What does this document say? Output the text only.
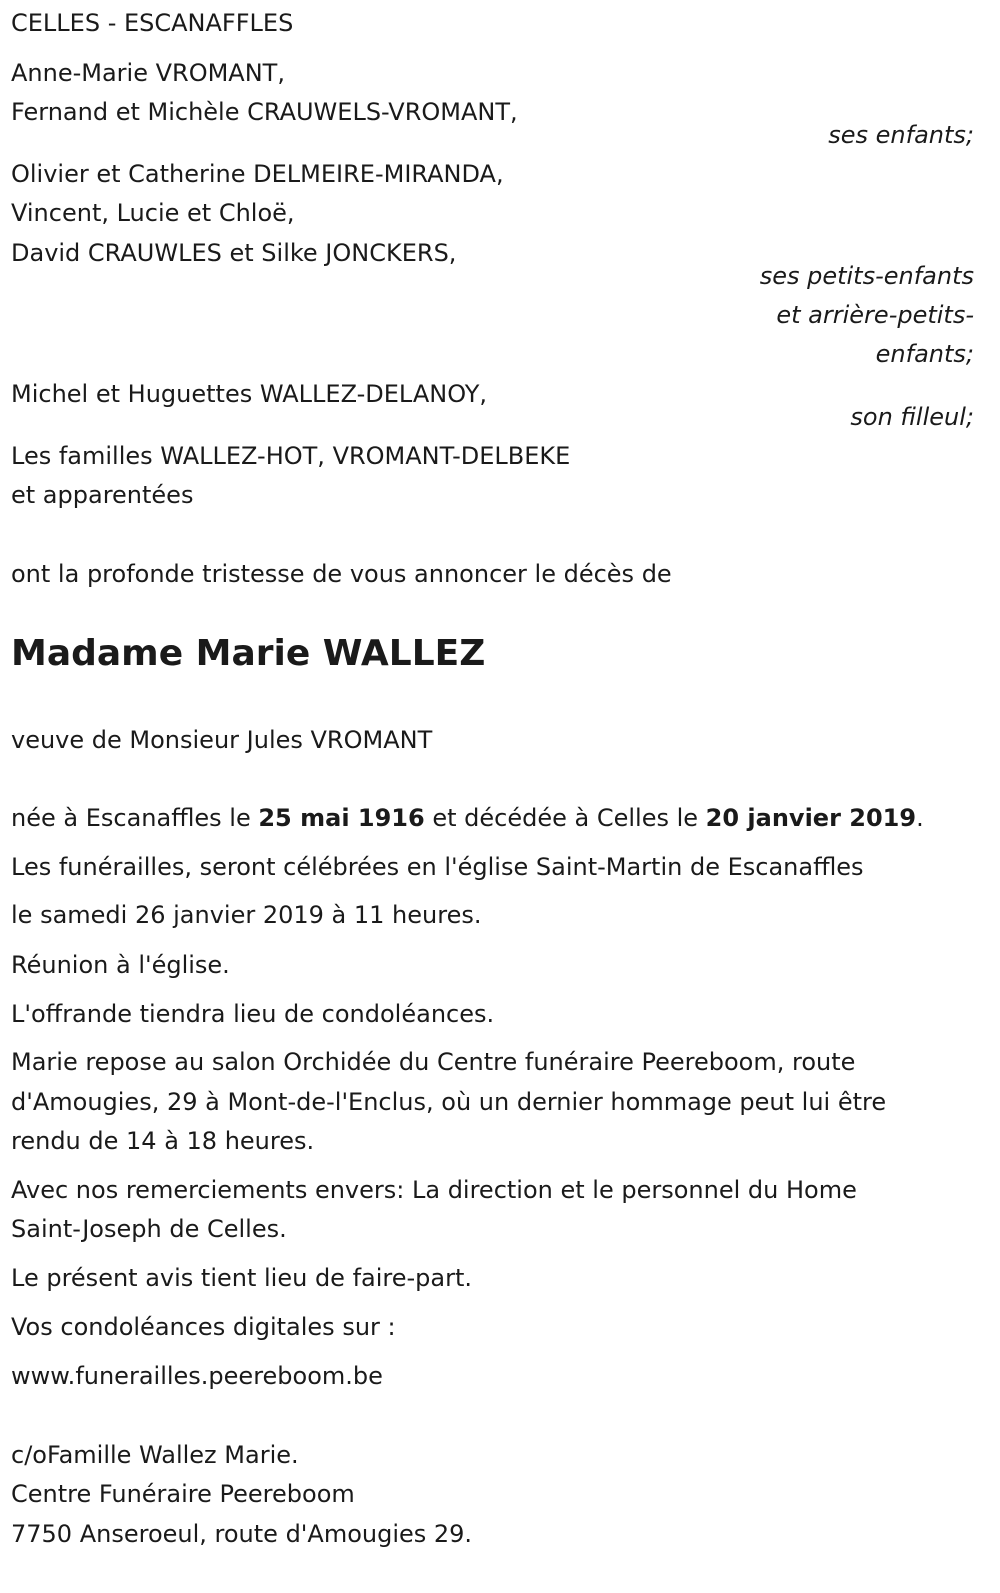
CELLES - ESCANAFFLES
Anne-Marie VROMANT,
Fernand et Michèle CRAUWELS-VROMANT,
ses enfants;
Olivier et Catherine DELMEIRE-MIRANDA,
Vincent, Lucie et Chloë,
David CRAUWLES et Silke JONCKERS,
ses petits-enfants
et arrière-petits-
enfants;
Michel et Huguettes WALLEZ-DELANOY,
son filleul;
Les familles WALLEZ-HOT, VROMANT-DELBEKE
et apparentées
ont la profonde tristesse de vous annoncer le décès de
Madame Marie WALLEZ
veuve de Monsieur Jules VROMANT
née à Escanaffles le 25 mai 1916 et décédée à Celles le 20 janvier 2019.
Les funérailles, seront célébrées en l'église Saint-Martin de Escanaffles
le samedi 26 janvier 2019 à 11 heures.
Réunion à l'église.
L'offrande tiendra lieu de condoléances.
Marie repose au salon Orchidée du Centre funéraire Peereboom, route
d'Amougies, 29 à Mont-de-l'Enclus, où un dernier hommage peut lui être
rendu de 14 à 18 heures.
Avec nos remerciements envers: La direction et le personnel du Home
Saint-Joseph de Celles.
Le présent avis tient lieu de faire-part.
Vos condoléances digitales sur :
www.funerailles.peereboom.be
c/oFamille Wallez Marie.
Centre Funéraire Peereboom
7750 Anseroeul, route d'Amougies 29.
